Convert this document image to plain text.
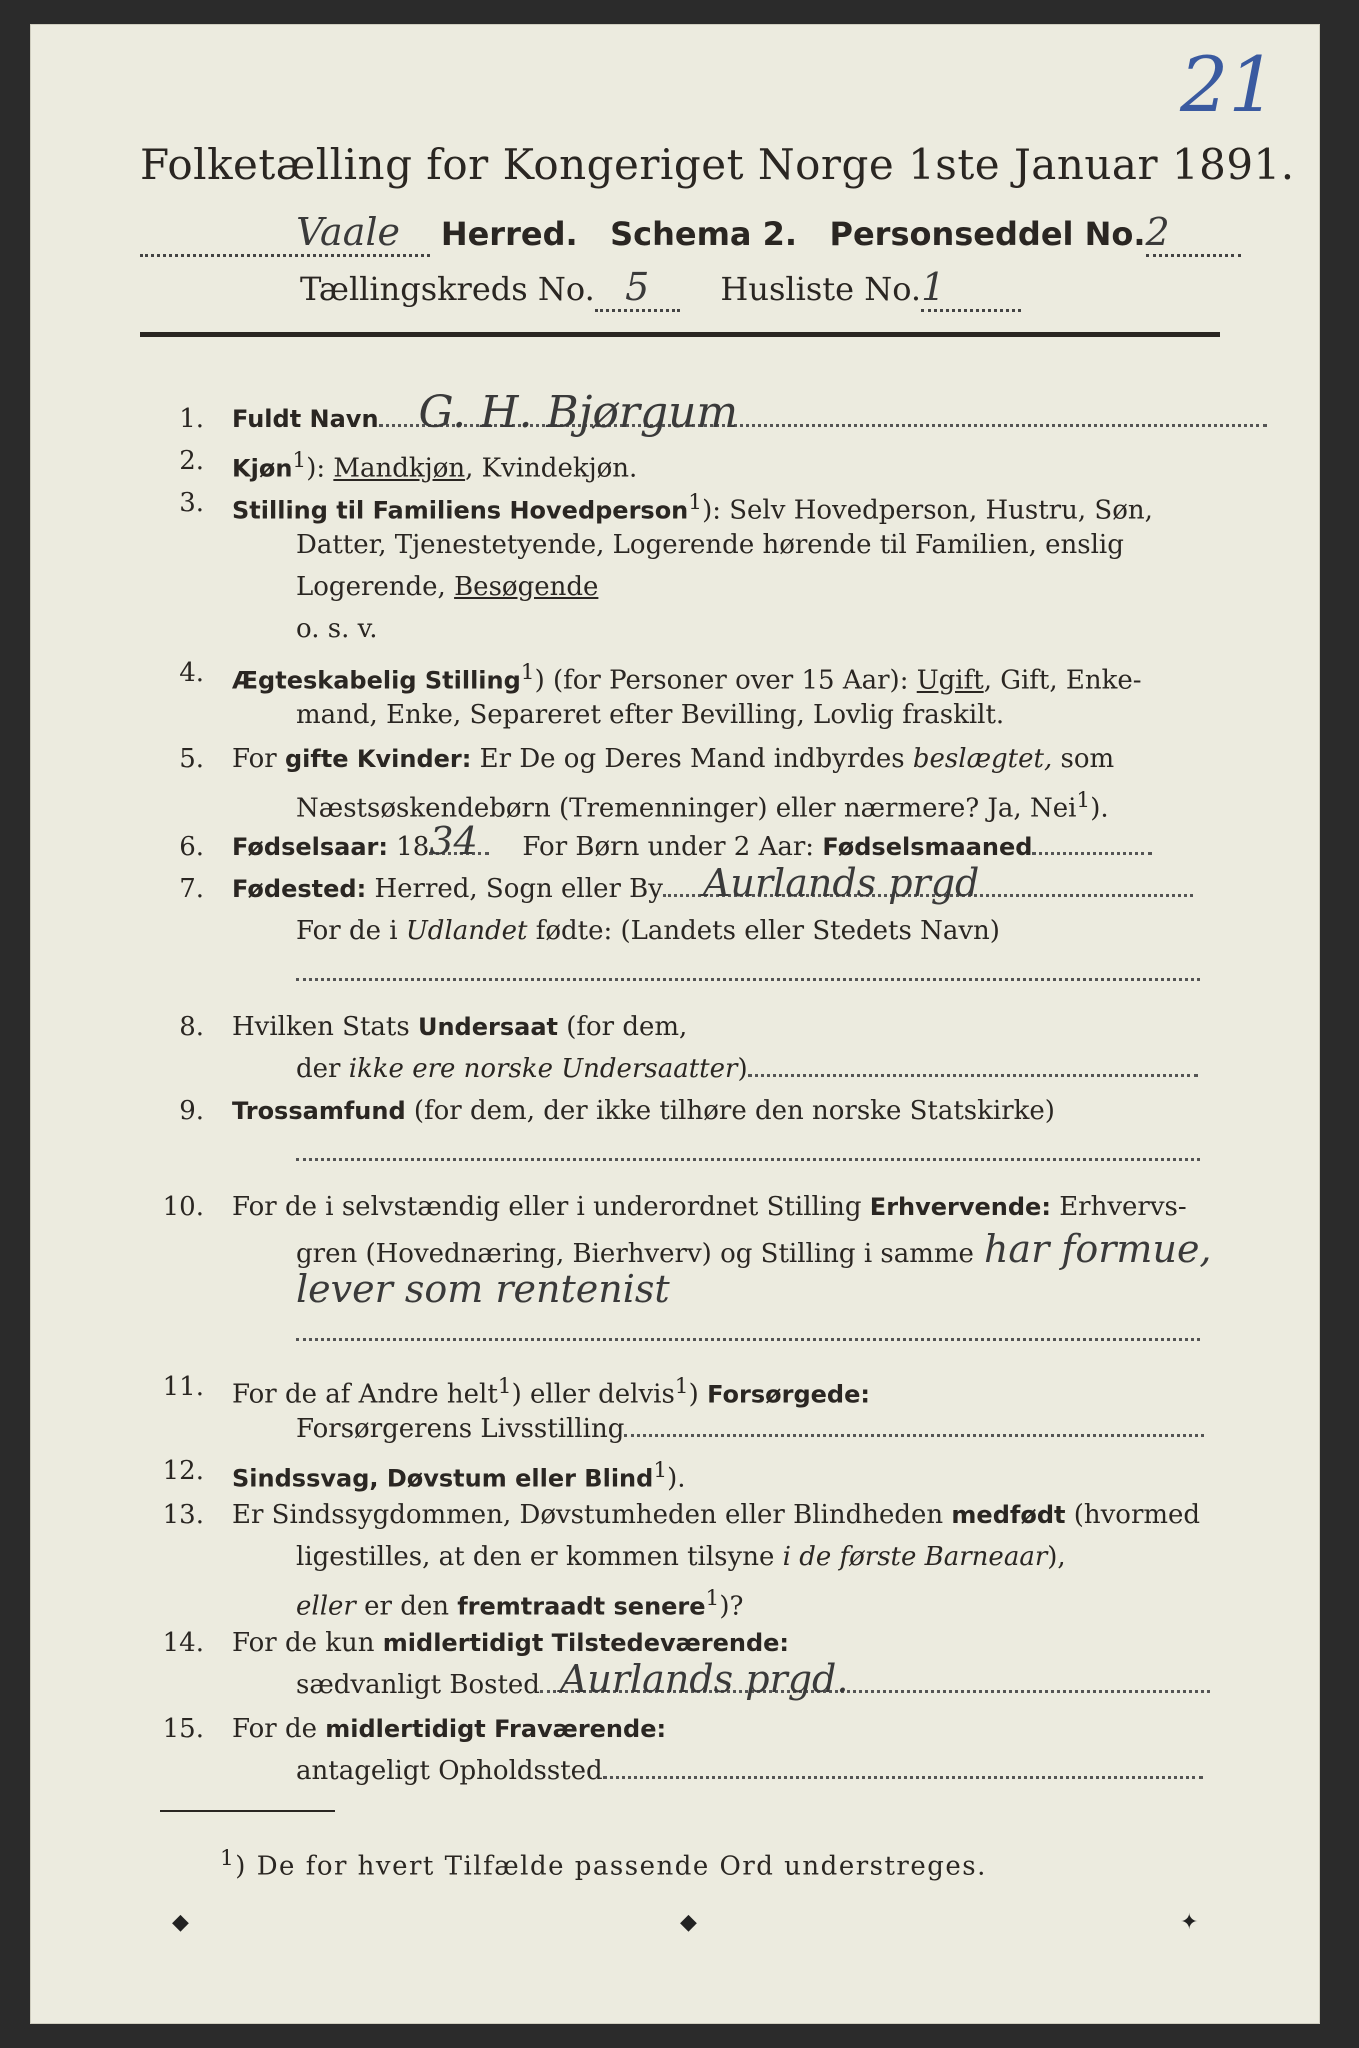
21
Folketælling for Kongeriget Norge 1ste Januar 1891.
Vaale Herred. Schema 2. Personseddel No.2
Tællingskreds No. 5 Husliste No.1
1. Fuldt Navn G. H. Bjørgum
2. Kjøn$^1$): Mandkjøn, Kvindekjøn.
3. Stilling til Familiens Hovedperson$^1$): Selv Hovedperson, Hustru, Søn,
Datter, Tjenestetyende, Logerende hørende til Familien, enslig
Logerende, Besøgende
o. s. v.
4. Ægteskabelig Stilling$^1$) (for Personer over 15 Aar): Ugift, Gift, Enke-
mand, Enke, Separeret efter Bevilling, Lovlig fraskilt.
5. For gifte Kvinder: Er De og Deres Mand indbyrdes beslægtet, som
Næstsøskendebørn (Tremenninger) eller nærmere? Ja, Nei$^1$).
6. Fødselsaar: 18 34 For Børn under 2 Aar: Fødselsmaaned
7. Fødested: Herred, Sogn eller By Aurlands prgd
For de i Udlandet fødte: (Landets eller Stedets Navn)
8. Hvilken Stats Undersaat (for dem,
der ikke ere norske Undersaatter)
9. Trossamfund (for dem, der ikke tilhøre den norske Statskirke)
10. For de i selvstændig eller i underordnet Stilling Erhvervende: Erhvervs-
gren (Hovednæring, Bierhverv) og Stilling i samme har formue,
lever som rentenist
11. For de af Andre helt$^1$) eller delvis$^1$) Forsørgede:
Forsørgerens Livsstilling
12. Sindssvag, Døvstum eller Blind$^1$).
13. Er Sindssygdommen, Døvstumheden eller Blindheden medfødt (hvormed
ligestilles, at den er kommen tilsyne i de første Barneaar),
eller er den fremtraadt senere$^1$)?
14. For de kun midlertidigt Tilstedeværende:
sædvanligt Bosted Aurlands prgd.
15. For de midlertidigt Fraværende:
antageligt Opholdssted
$^1$) De for hvert Tilfælde passende Ord understreges.
◆	◆	✦
